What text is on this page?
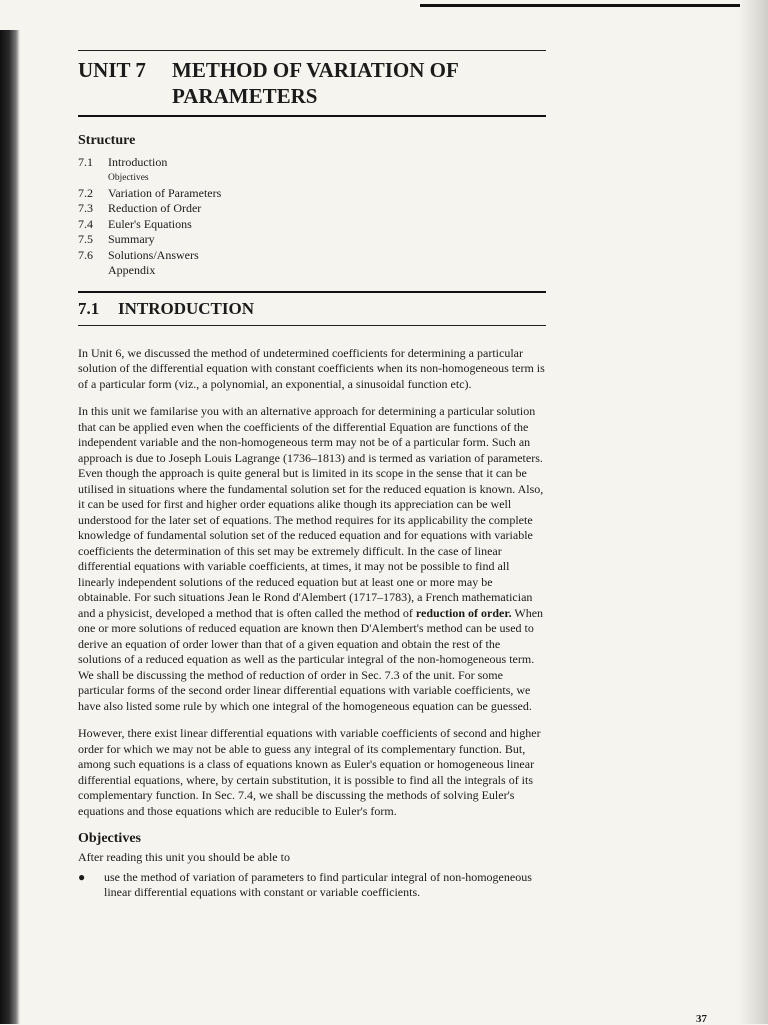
UNIT 7	METHOD OF VARIATION OF
PARAMETERS
Structure
7.1	Introduction
Objectives
7.2	Variation of Parameters
7.3	Reduction of Order
7.4	Euler's Equations
7.5	Summary
7.6	Solutions/Answers
Appendix
7.1 INTRODUCTION

In Unit 6, we discussed the method of undetermined coefficients for determining a particular solution of the differential equation with constant coefficients when its non-homogeneous term is of a particular form (viz., a polynomial, an exponential, a sinusoidal function etc).

In this unit we familarise you with an alternative approach for determining a particular solution that can be applied even when the coefficients of the differential Equation are functions of the independent variable and the non-homogeneous term may not be of a particular form. Such an approach is due to Joseph Louis Lagrange (1736–1813) and is termed as variation of parameters. Even though the approach is quite general but is limited in its scope in the sense that it can be utilised in situations where the fundamental solution set for the reduced equation is known. Also, it can be used for first and higher order equations alike though its appreciation can be well understood for the later set of equations. The method requires for its applicability the complete knowledge of fundamental solution set of the reduced equation and for equations with variable coefficients the determination of this set may be extremely difficult. In the case of linear differential equations with variable coefficients, at times, it may not be possible to find all linearly independent solutions of the reduced equation but at least one or more may be obtainable. For such situations Jean le Rond d'Alembert (1717–1783), a French mathematician and a physicist, developed a method that is often called the method of reduction of order. When one or more solutions of reduced equation are known then D'Alembert's method can be used to derive an equation of order lower than that of a given equation and obtain the rest of the solutions of a reduced equation as well as the particular integral of the non-homogeneous term. We shall be discussing the method of reduction of order in Sec. 7.3 of the unit. For some particular forms of the second order linear differential equations with variable coefficients, we have also listed some rule by which one integral of the homogeneous equation can be guessed.

However, there exist linear differential equations with variable coefficients of second and higher order for which we may not be able to guess any integral of its complementary function. But, among such equations is a class of equations known as Euler's equation or homogeneous linear differential equations, where, by certain substitution, it is possible to find all the integrals of its complementary function. In Sec. 7.4, we shall be discussing the methods of solving Euler's equations and those equations which are reducible to Euler's form.

Objectives

After reading this unit you should be able to

●	use the method of variation of parameters to find particular integral of non-homogeneous linear differential equations with constant or variable coefficients.
37
